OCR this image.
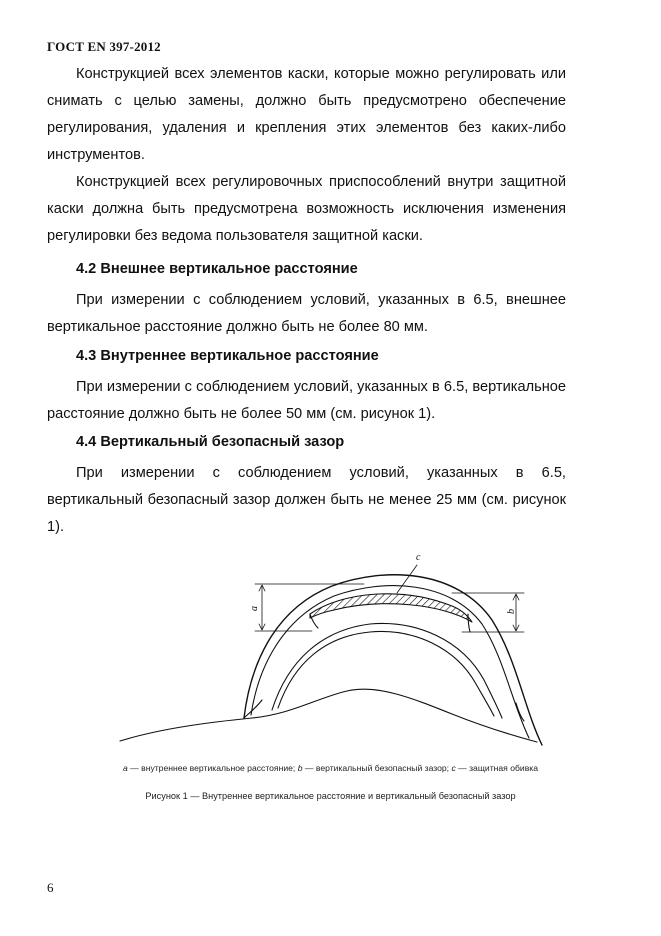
ГОСТ EN 397-2012

Конструкцией всех элементов каски, которые можно регулировать или снимать с целью замены, должно быть предусмотрено обеспечение регулирования, удаления и крепления этих элементов без каких-либо инструментов.

Конструкцией всех регулировочных приспособлений внутри защитной каски должна быть предусмотрена возможность исключения изменения регулировки без ведома пользователя защитной каски.

4.2 Внешнее вертикальное расстояние

При измерении с соблюдением условий, указанных в 6.5, внешнее вертикальное расстояние должно быть не более 80 мм.

4.3 Внутреннее вертикальное расстояние

При измерении с соблюдением условий, указанных в 6.5, вертикальное расстояние должно быть не более 50 мм (см. рисунок 1).

4.4 Вертикальный безопасный зазор

При измерении с соблюдением условий, указанных в 6.5, вертикальный безопасный зазор должен быть не менее 25 мм (см. рисунок 1).

a
b
c
a — внутреннее вертикальное расстояние; b — вертикальный безопасный зазор; c — защитная обивка
Рисунок 1 — Внутреннее вертикальное расстояние и вертикальный безопасный зазор
6
